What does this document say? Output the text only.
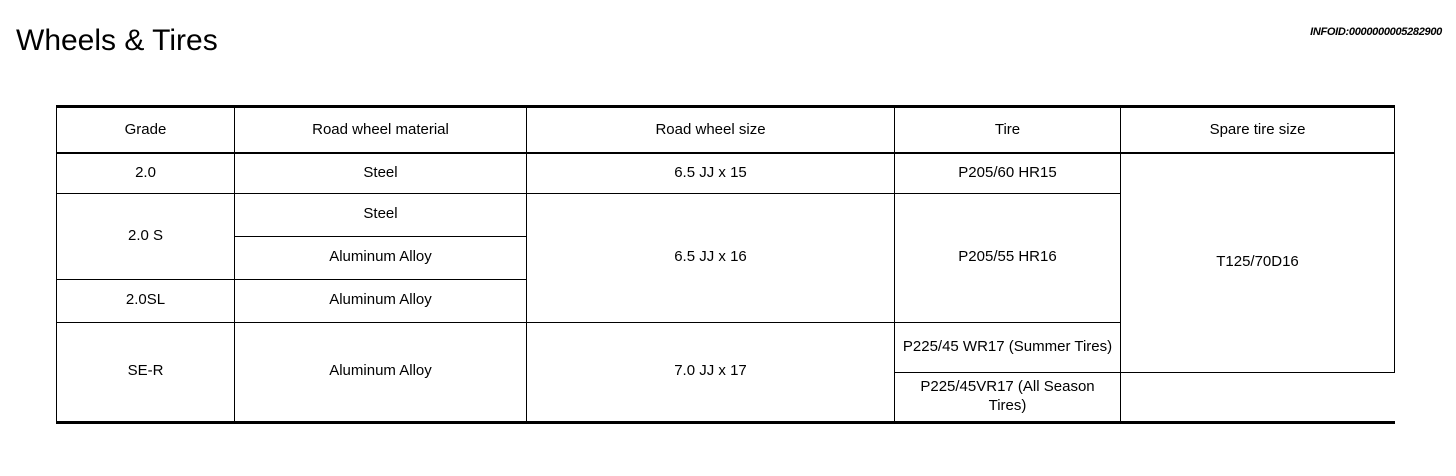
Wheels & Tires	INFOID:0000000005282900
Grade	Road wheel material	Road wheel size	Tire	Spare tire size
2.0	Steel	6.5 JJ x 15	P205/60 HR15	T125/70D16
2.0 S	Steel	6.5 JJ x 16	P205/55 HR16	
	Aluminum Alloy			
2.0SL	Aluminum Alloy			
SE-R	Aluminum Alloy	7.0 JJ x 17	P225/45 WR17 (Summer Tires)	
			P225/45VR17 (All Season Tires)	
